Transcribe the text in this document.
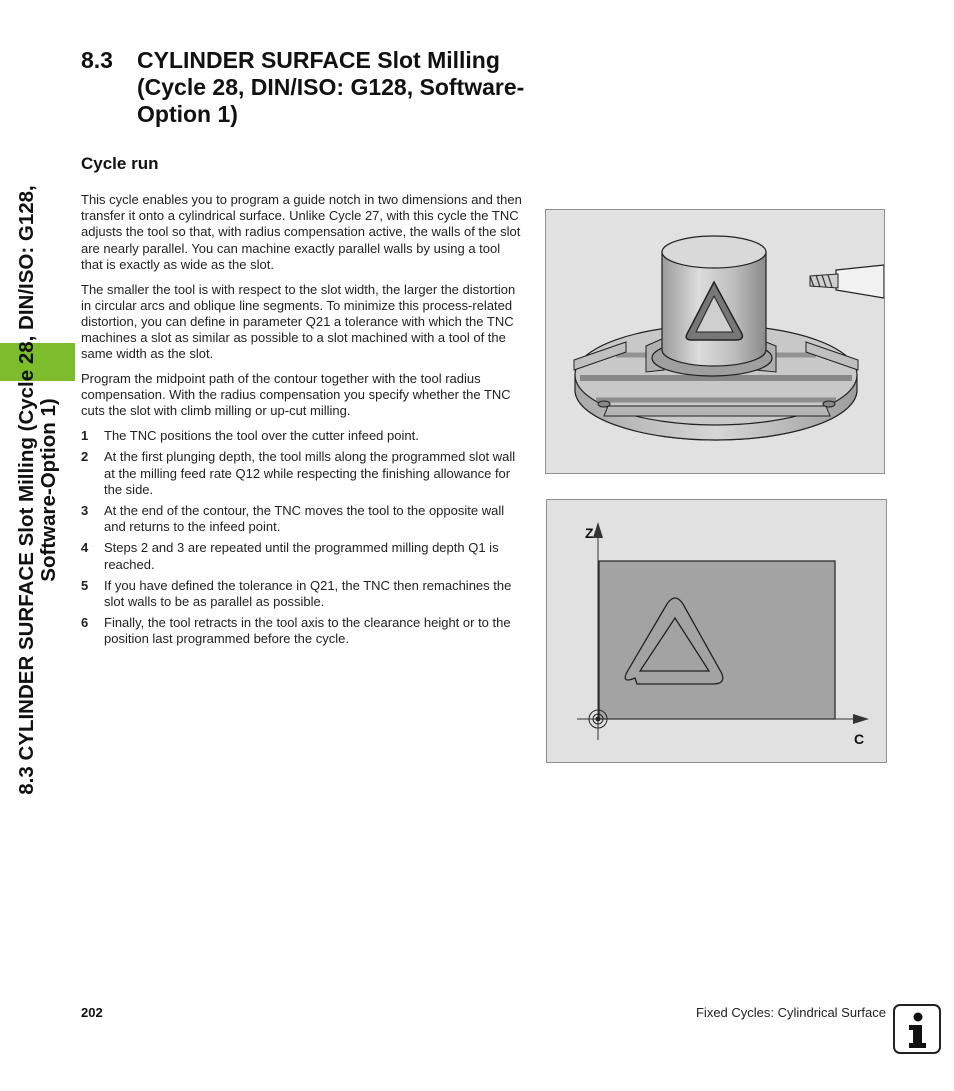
8.3 CYLINDER SURFACE Slot Milling (Cycle 28, DIN/ISO: G128, Software-Option 1)
8.3 CYLINDER SURFACE Slot Milling (Cycle 28, DIN/ISO: G128, Software-Option 1)
Cycle run

This cycle enables you to program a guide notch in two dimensions and then transfer it onto a cylindrical surface. Unlike Cycle 27, with this cycle the TNC adjusts the tool so that, with radius compensation active, the walls of the slot are nearly parallel. You can machine exactly parallel walls by using a tool that is exactly as wide as the slot.

The smaller the tool is with respect to the slot width, the larger the distortion in circular arcs and oblique line segments. To minimize this process-related distortion, you can define in parameter Q21 a tolerance with which the TNC machines a slot as similar as possible to a slot machined with a tool of the same width as the slot.

Program the midpoint path of the contour together with the tool radius compensation. With the radius compensation you specify whether the TNC cuts the slot with climb milling or up-cut milling.

1 The TNC positions the tool over the cutter infeed point.
2 At the first plunging depth, the tool mills along the programmed slot wall at the milling feed rate Q12 while respecting the finishing allowance for the side.
3 At the end of the contour, the TNC moves the tool to the opposite wall and returns to the infeed point.
4 Steps 2 and 3 are repeated until the programmed milling depth Q1 is reached.
5 If you have defined the tolerance in Q21, the TNC then remachines the slot walls to be as parallel as possible.
6 Finally, the tool retracts in the tool axis to the clearance height or to the position last programmed before the cycle.
Z
C
202	Fixed Cycles: Cylindrical Surface
